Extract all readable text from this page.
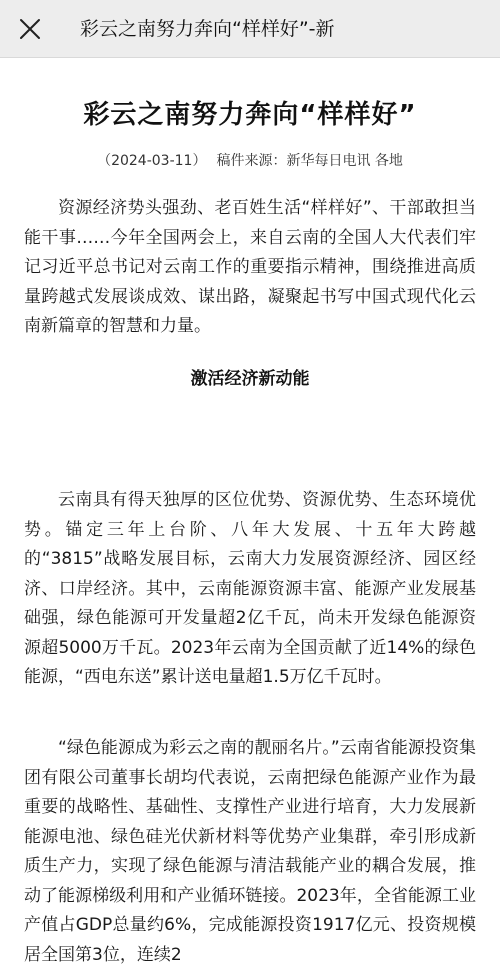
彩云之南努力奔向“样样好”-新
彩云之南努力奔向“样样好”
（2024-03-11） 稿件来源：新华每日电讯 各地

资源经济势头强劲、老百姓生活“样样好”、干部敢担当能干事……今年全国两会上，来自云南的全国人大代表们牢记习近平总书记对云南工作的重要指示精神，围绕推进高质量跨越式发展谈成效、谋出路，凝聚起书写中国式现代化云南新篇章的智慧和力量。

激活经济新动能

云南具有得天独厚的区位优势、资源优势、生态环境优势。锚定三年上台阶、八年大发展、十五年大跨越的“3815”战略发展目标，云南大力发展资源经济、园区经济、口岸经济。其中，云南能源资源丰富、能源产业发展基础强，绿色能源可开发量超2亿千瓦，尚未开发绿色能源资源超5000万千瓦。2023年云南为全国贡献了近14%的绿色能源，“西电东送”累计送电量超1.5万亿千瓦时。

“绿色能源成为彩云之南的靓丽名片。”云南省能源投资集团有限公司董事长胡均代表说，云南把绿色能源产业作为最重要的战略性、基础性、支撑性产业进行培育，大力发展新能源电池、绿色硅光伏新材料等优势产业集群，牵引形成新质生产力，实现了绿色能源与清洁载能产业的耦合发展，推动了能源梯级利用和产业循环链接。2023年，全省能源工业产值占GDP总量约6%，完成能源投资1917亿元、投资规模居全国第3位，连续2
